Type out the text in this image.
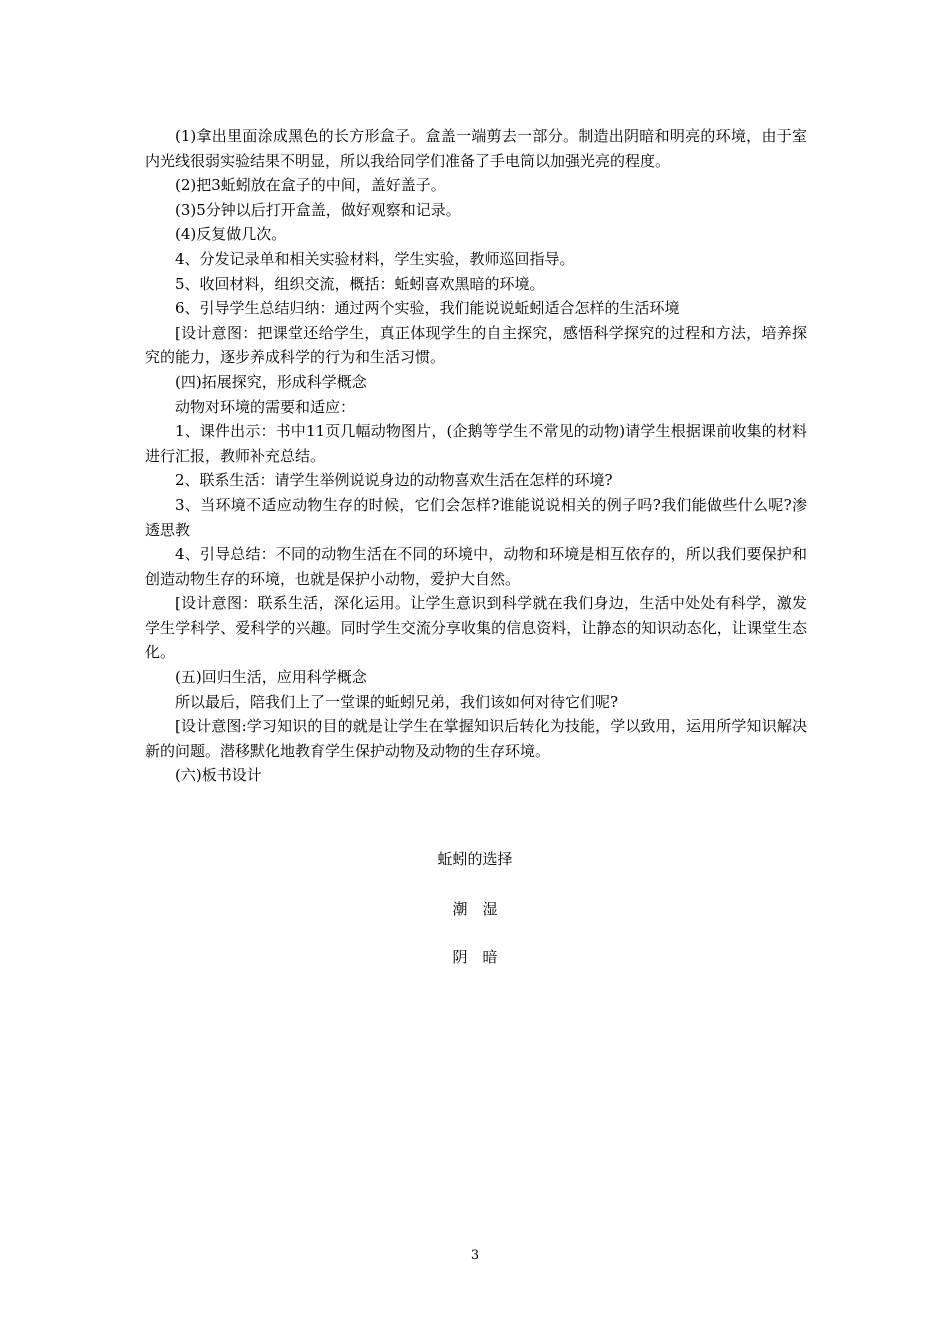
(1)拿出里面涂成黑色的长方形盒子。盒盖一端剪去一部分。制造出阴暗和明亮的环境，由于室内光线很弱实验结果不明显，所以我给同学们准备了手电筒以加强光亮的程度。

(2)把3蚯蚓放在盒子的中间，盖好盖子。

(3)5分钟以后打开盒盖，做好观察和记录。

(4)反复做几次。

4、分发记录单和相关实验材料，学生实验，教师巡回指导。

5、收回材料，组织交流，概括：蚯蚓喜欢黑暗的环境。

6、引导学生总结归纳：通过两个实验，我们能说说蚯蚓适合怎样的生活环境

[设计意图：把课堂还给学生，真正体现学生的自主探究，感悟科学探究的过程和方法，培养探究的能力，逐步养成科学的行为和生活习惯。

(四)拓展探究，形成科学概念

动物对环境的需要和适应：

1、课件出示：书中11页几幅动物图片，(企鹅等学生不常见的动物)请学生根据课前收集的材料进行汇报，教师补充总结。

2、联系生活：请学生举例说说身边的动物喜欢生活在怎样的环境?

3、当环境不适应动物生存的时候，它们会怎样?谁能说说相关的例子吗?我们能做些什么呢?渗透思教

4、引导总结：不同的动物生活在不同的环境中，动物和环境是相互依存的，所以我们要保护和创造动物生存的环境，也就是保护小动物，爱护大自然。

[设计意图：联系生活，深化运用。让学生意识到科学就在我们身边，生活中处处有科学，激发学生学科学、爱科学的兴趣。同时学生交流分享收集的信息资料，让静态的知识动态化，让课堂生态化。

(五)回归生活，应用科学概念

所以最后，陪我们上了一堂课的蚯蚓兄弟，我们该如何对待它们呢?

[设计意图:学习知识的目的就是让学生在掌握知识后转化为技能，学以致用，运用所学知识解决新的问题。潜移默化地教育学生保护动物及动物的生存环境。

(六)板书设计

蚯蚓的选择
潮　湿
阴　暗
3
